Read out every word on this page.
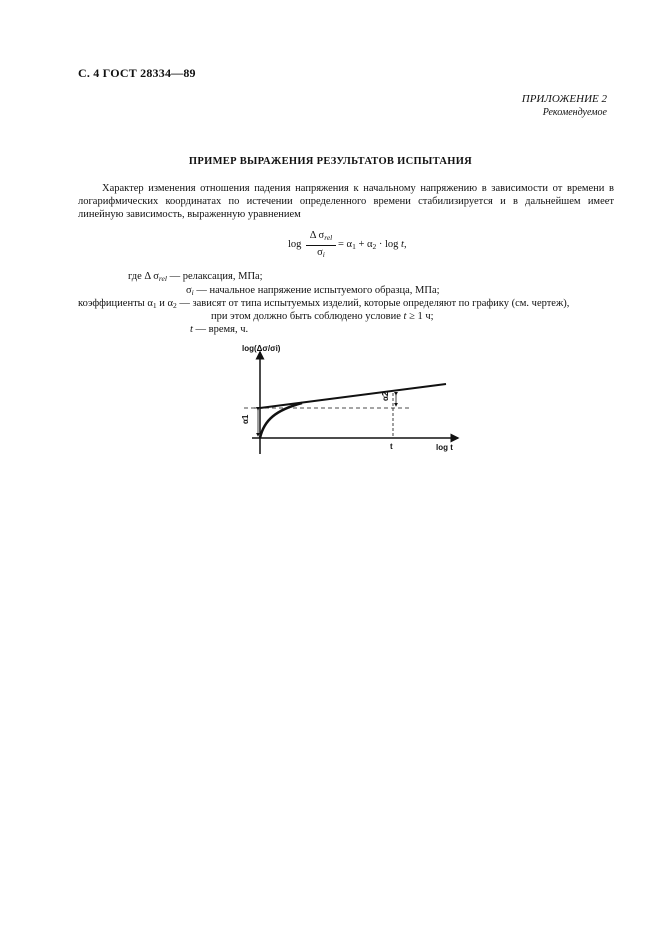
С. 4 ГОСТ 28334—89
ПРИЛОЖЕНИЕ 2
Рекомендуемое
ПРИМЕР ВЫРАЖЕНИЯ РЕЗУЛЬТАТОВ ИСПЫТАНИЯ
Характер изменения отношения падения напряжения к начальному напряжению в зависимости от времени в логарифмических координатах по истечении определенного времени стабилизируется и в дальнейшем имеет линейную зависимость, выраженную уравнением
log
Δ $\sigma_{rel}$
$\sigma_i$
= $\alpha_1 + \alpha_2 \cdot \log t$,
где Δ $\sigma_{rel}$ — релаксация, МПа;
$\sigma_i$ — начальное напряжение испытуемого образца, МПа;
коэффициенты $\alpha_1$ и $\alpha_2$ — зависят от типа испытуемых изделий, которые определяют по графику (см. чертеж),
при этом должно быть соблюдено условие t ≥ 1 ч;
t — время, ч.
log(Δσ/σi)
log t
α1
α2
t
